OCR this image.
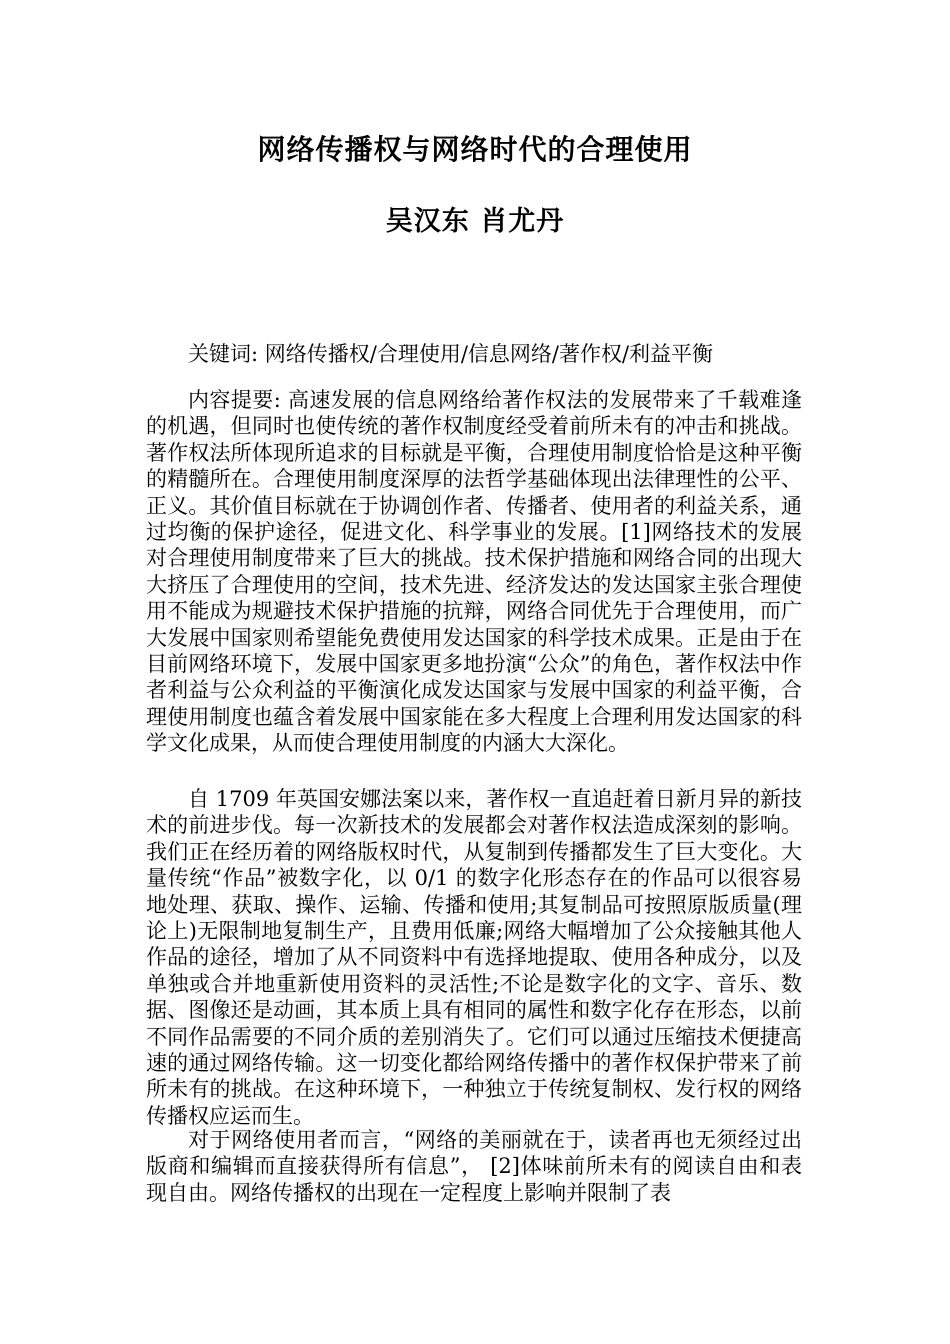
网络传播权与网络时代的合理使用
吴汉东 肖尤丹

关键词: 网络传播权/合理使用/信息网络/著作权/利益平衡

内容提要: 高速发展的信息网络给著作权法的发展带来了千载难逢的机遇，但同时也使传统的著作权制度经受着前所未有的冲击和挑战。著作权法所体现所追求的目标就是平衡，合理使用制度恰恰是这种平衡的精髓所在。合理使用制度深厚的法哲学基础体现出法律理性的公平、正义。其价值目标就在于协调创作者、传播者、使用者的利益关系，通过均衡的保护途径，促进文化、科学事业的发展。[1]网络技术的发展对合理使用制度带来了巨大的挑战。技术保护措施和网络合同的出现大大挤压了合理使用的空间，技术先进、经济发达的发达国家主张合理使用不能成为规避技术保护措施的抗辩，网络合同优先于合理使用，而广大发展中国家则希望能免费使用发达国家的科学技术成果。正是由于在目前网络环境下，发展中国家更多地扮演“公众”的角色，著作权法中作者利益与公众利益的平衡演化成发达国家与发展中国家的利益平衡，合理使用制度也蕴含着发展中国家能在多大程度上合理利用发达国家的科学文化成果，从而使合理使用制度的内涵大大深化。

自 1709 年英国安娜法案以来，著作权一直追赶着日新月异的新技术的前进步伐。每一次新技术的发展都会对著作权法造成深刻的影响。我们正在经历着的网络版权时代，从复制到传播都发生了巨大变化。大量传统“作品”被数字化，以 0/1 的数字化形态存在的作品可以很容易地处理、获取、操作、运输、传播和使用;其复制品可按照原版质量(理论上)无限制地复制生产，且费用低廉;网络大幅增加了公众接触其他人作品的途径，增加了从不同资料中有选择地提取、使用各种成分，以及单独或合并地重新使用资料的灵活性;不论是数字化的文字、音乐、数据、图像还是动画，其本质上具有相同的属性和数字化存在形态，以前不同作品需要的不同介质的差别消失了。它们可以通过压缩技术便捷高速的通过网络传输。这一切变化都给网络传播中的著作权保护带来了前所未有的挑战。在这种环境下，一种独立于传统复制权、发行权的网络传播权应运而生。

对于网络使用者而言，“网络的美丽就在于，读者再也无须经过出版商和编辑而直接获得所有信息”， [2]体味前所未有的阅读自由和表现自由。网络传播权的出现在一定程度上影响并限制了表
